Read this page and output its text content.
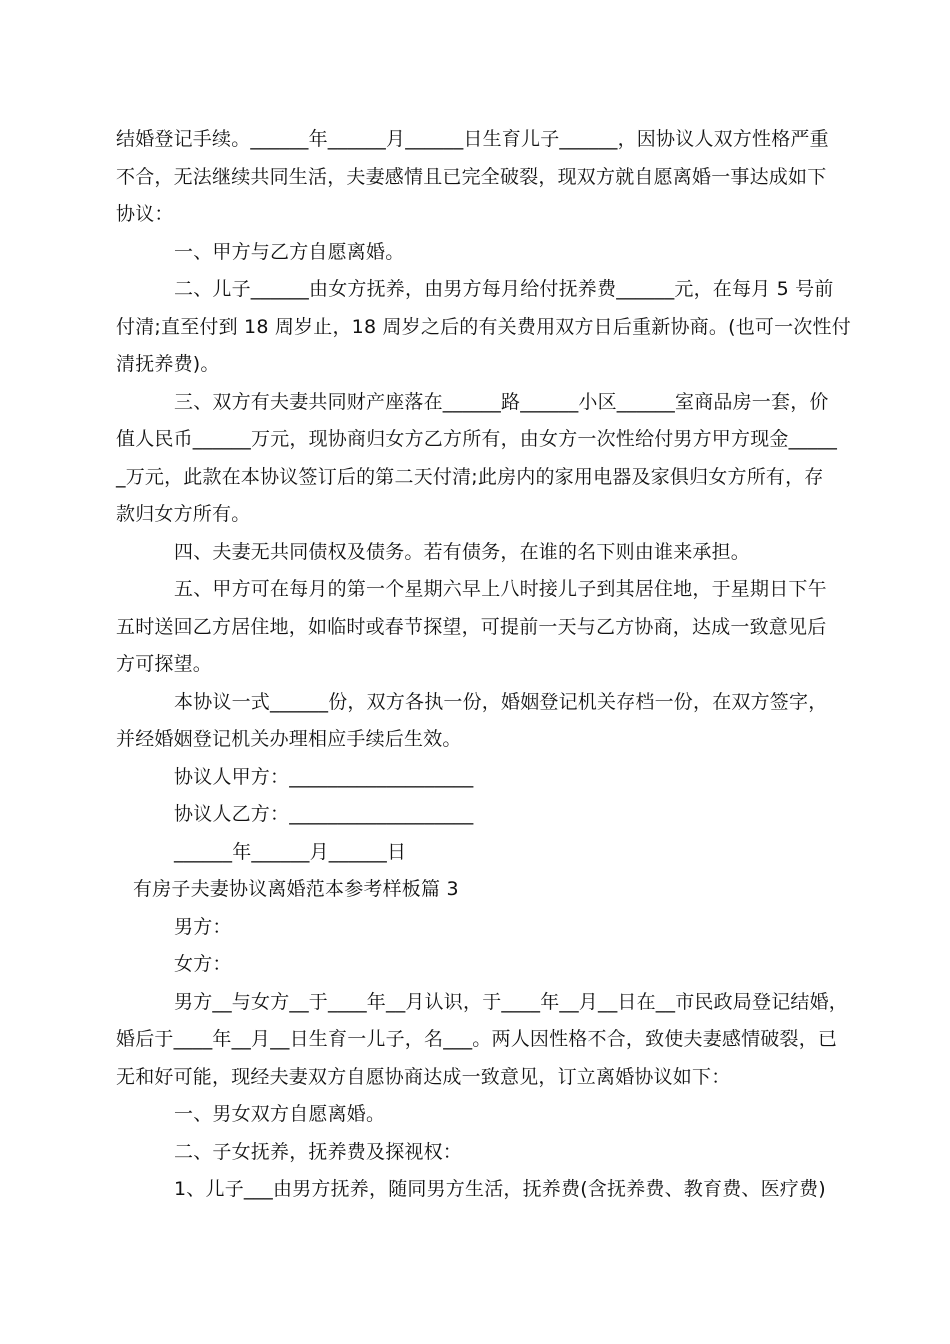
结婚登记手续。______年______月______日生育儿子______，因协议人双方性格严重
不合，无法继续共同生活，夫妻感情且已完全破裂，现双方就自愿离婚一事达成如下
协议：
一、甲方与乙方自愿离婚。
二、儿子______由女方抚养，由男方每月给付抚养费______元，在每月 5 号前
付清;直至付到 18 周岁止，18 周岁之后的有关费用双方日后重新协商。(也可一次性付
清抚养费)。
三、双方有夫妻共同财产座落在______路______小区______室商品房一套，价
值人民币______万元，现协商归女方乙方所有，由女方一次性给付男方甲方现金_____
_万元，此款在本协议签订后的第二天付清;此房内的家用电器及家俱归女方所有，存
款归女方所有。
四、夫妻无共同债权及债务。若有债务，在谁的名下则由谁来承担。
五、甲方可在每月的第一个星期六早上八时接儿子到其居住地，于星期日下午
五时送回乙方居住地，如临时或春节探望，可提前一天与乙方协商，达成一致意见后
方可探望。
本协议一式______份，双方各执一份，婚姻登记机关存档一份，在双方签字，
并经婚姻登记机关办理相应手续后生效。
协议人甲方：___________________
协议人乙方：___________________
______年______月______日
有房子夫妻协议离婚范本参考样板篇 3
男方：
女方：
男方__与女方__于____年__月认识，于____年__月__日在__市民政局登记结婚，
婚后于____年__月__日生育一儿子，名___。两人因性格不合，致使夫妻感情破裂，已
无和好可能，现经夫妻双方自愿协商达成一致意见，订立离婚协议如下：
一、男女双方自愿离婚。
二、子女抚养，抚养费及探视权：
1、儿子___由男方抚养，随同男方生活，抚养费(含抚养费、教育费、医疗费)
